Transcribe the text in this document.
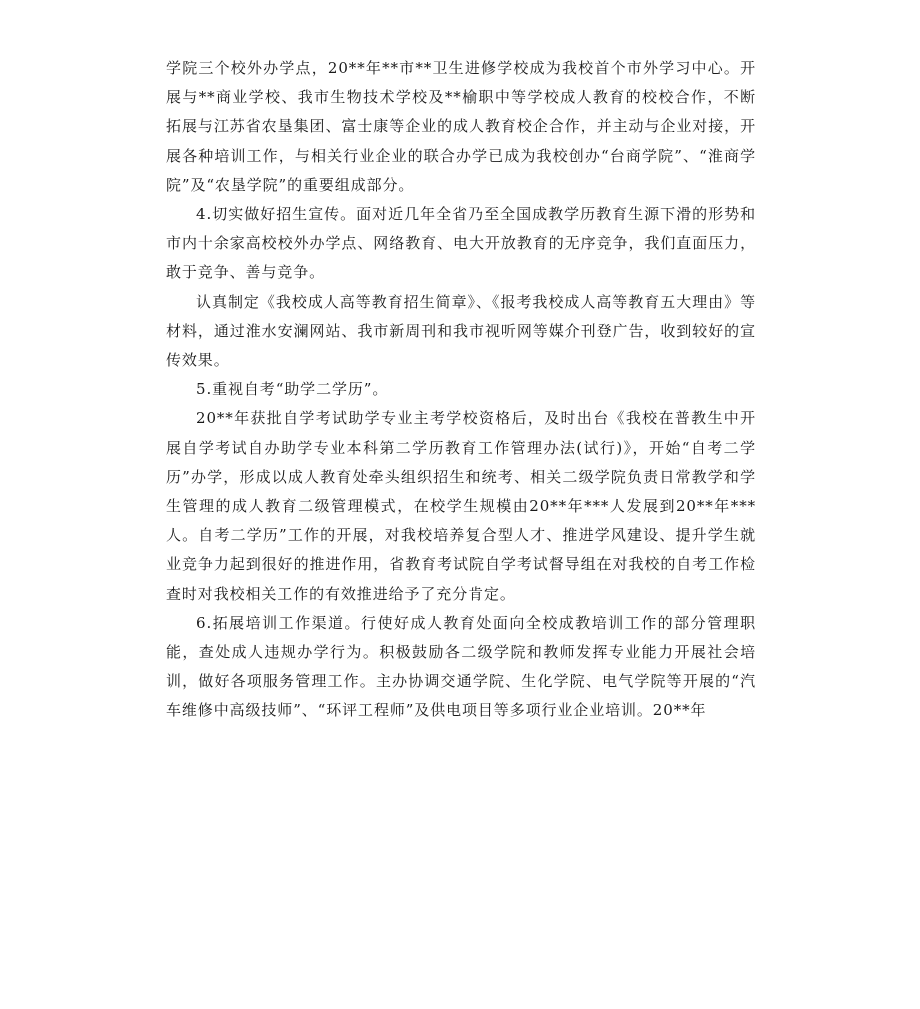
学院三个校外办学点，20**年**市**卫生进修学校成为我校首个市外学习中心。开展与**商业学校、我市生物技术学校及**榆职中等学校成人教育的校校合作，不断拓展与江苏省农垦集团、富士康等企业的成人教育校企合作，并主动与企业对接，开展各种培训工作，与相关行业企业的联合办学已成为我校创办“台商学院”、“淮商学院”及“农垦学院”的重要组成部分。

4.切实做好招生宣传。面对近几年全省乃至全国成教学历教育生源下滑的形势和市内十余家高校校外办学点、网络教育、电大开放教育的无序竞争，我们直面压力，敢于竞争、善与竞争。

认真制定《我校成人高等教育招生简章》、《报考我校成人高等教育五大理由》等材料，通过淮水安澜网站、我市新周刊和我市视听网等媒介刊登广告，收到较好的宣传效果。

5.重视自考“助学二学历”。

20**年获批自学考试助学专业主考学校资格后，及时出台《我校在普教生中开展自学考试自办助学专业本科第二学历教育工作管理办法(试行)》，开始“自考二学历”办学，形成以成人教育处牵头组织招生和统考、相关二级学院负责日常教学和学生管理的成人教育二级管理模式，在校学生规模由20**年***人发展到20**年***人。自考二学历”工作的开展，对我校培养复合型人才、推进学风建设、提升学生就业竞争力起到很好的推进作用，省教育考试院自学考试督导组在对我校的自考工作检查时对我校相关工作的有效推进给予了充分肯定。

6.拓展培训工作渠道。行使好成人教育处面向全校成教培训工作的部分管理职能，查处成人违规办学行为。积极鼓励各二级学院和教师发挥专业能力开展社会培训，做好各项服务管理工作。主办协调交通学院、生化学院、电气学院等开展的“汽车维修中高级技师”、“环评工程师”及供电项目等多项行业企业培训。20**年
